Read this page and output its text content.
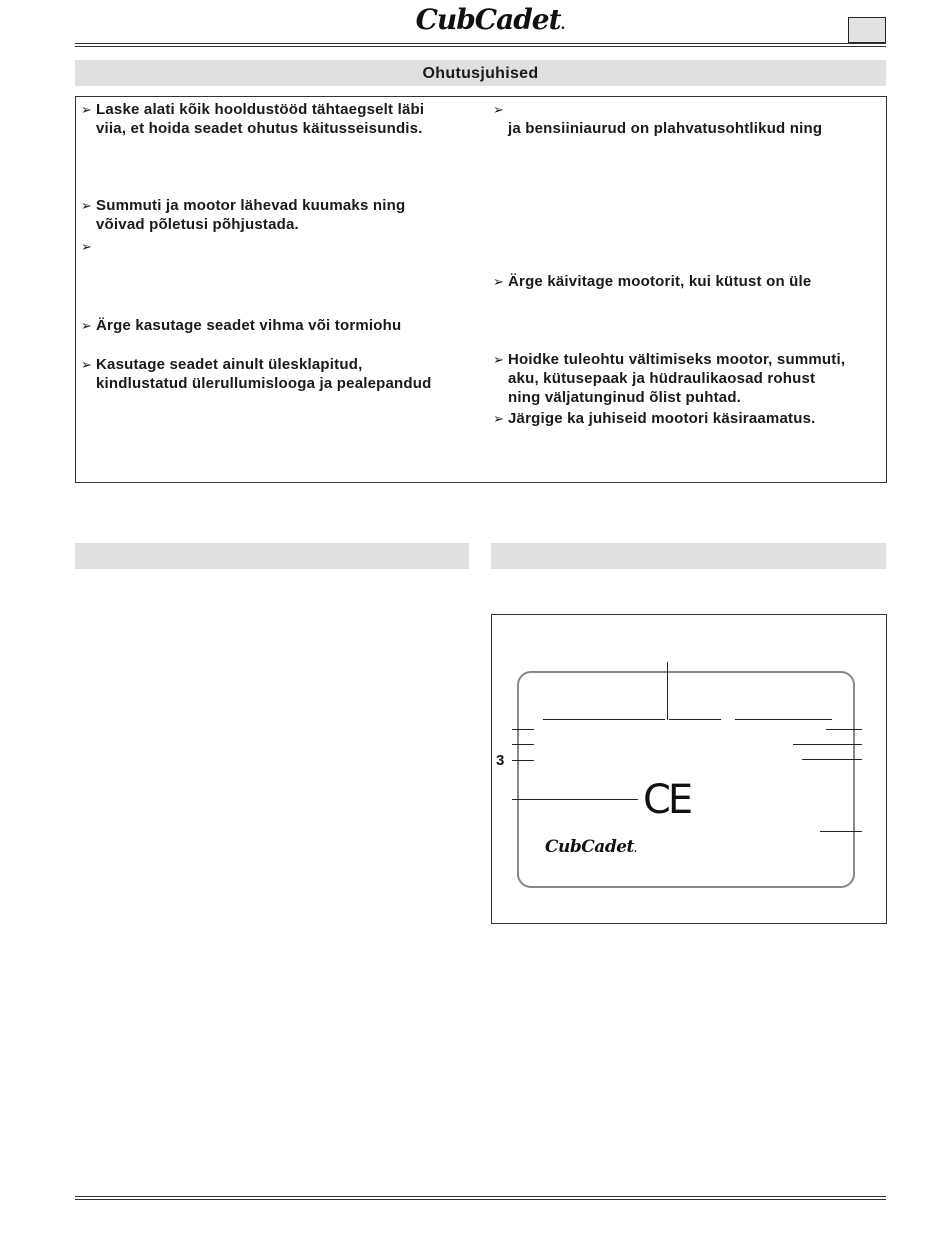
CubCadet.
Ohutusjuhised
➢ Laske alati kõik hooldustööd tähtaegselt läbi
viia, et hoida seadet ohutus käitusseisundis.
➢ Summuti ja mootor lähevad kuumaks ning
võivad põletusi põhjustada.
➢
➢ Ärge kasutage seadet vihma või tormiohu
➢ Kasutage seadet ainult ülesklapitud,
kindlustatud ülerullumislooga ja pealepandud
➢

ja bensiiniaurud on plahvatusohtlikud ning
➢ Ärge käivitage mootorit, kui kütust on üle
➢ Hoidke tuleohtu vältimiseks mootor, summuti,
aku, kütusepaak ja hüdraulikaosad rohust
ning väljatunginud õlist puhtad.
➢ Järgige ka juhiseid mootori käsiraamatus.
3
CE
CubCadet.
